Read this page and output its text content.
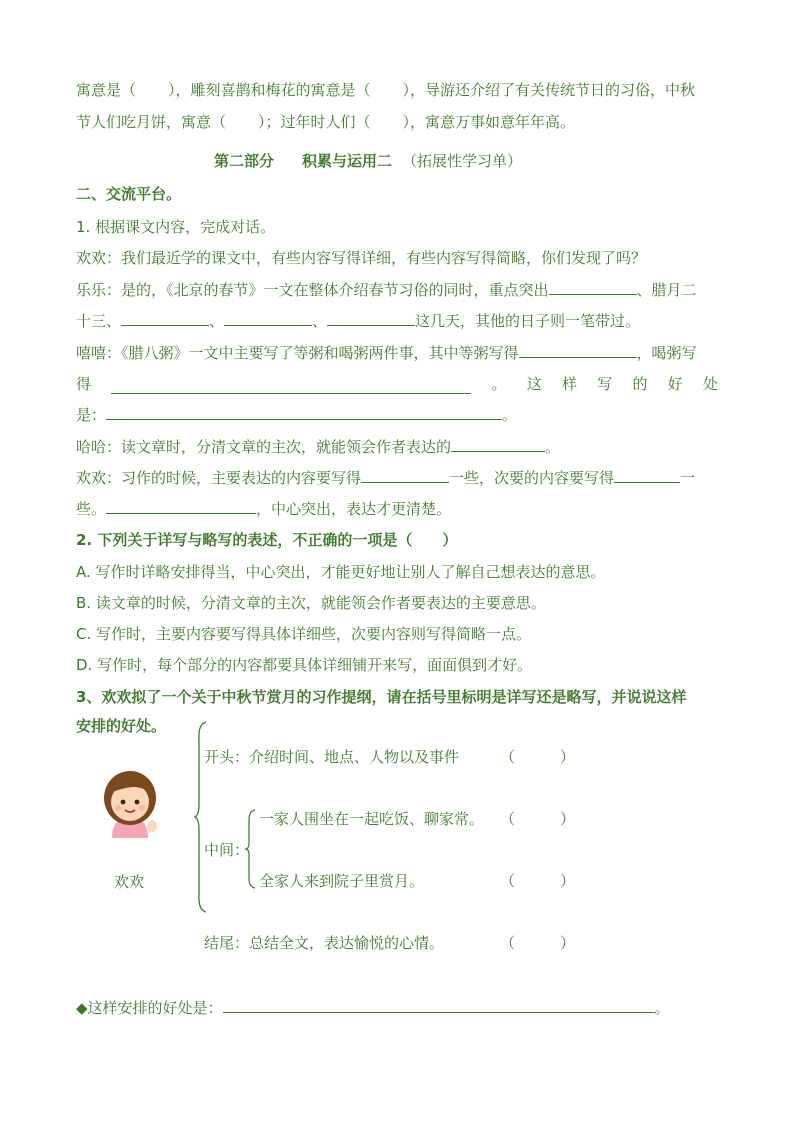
寓意是（ ），雕刻喜鹊和梅花的寓意是（ ），导游还介绍了有关传统节日的习俗，中秋
节人们吃月饼，寓意（ ）；过年时人们（ ），寓意万事如意年年高。
第二部分 积累与运用二 （拓展性学习单）
二、交流平台。
1. 根据课文内容，完成对话。
欢欢：我们最近学的课文中，有些内容写得详细，有些内容写得简略，你们发现了吗？
乐乐：是的，《北京的春节》一文在整体介绍春节习俗的同时，重点突出	、腊月二
十三、	、	、	这几天，其他的日子则一笔带过。
嘻嘻：《腊八粥》一文中主要写了等粥和喝粥两件事，其中等粥写得	，喝粥写
得	。 这 样 写 的 好 处
是：	。
哈哈：读文章时，分清文章的主次，就能领会作者表达的	。
欢欢：习作的时候，主要表达的内容要写得	一些，次要的内容要写得	一
些。	，中心突出，表达才更清楚。
2. 下列关于详写与略写的表述，不正确的一项是（　　）
A. 写作时详略安排得当，中心突出，才能更好地让别人了解自己想表达的意思。
B. 读文章的时候，分清文章的主次，就能领会作者要表达的主要意思。
C. 写作时，主要内容要写得具体详细些，次要内容则写得简略一点。
D. 写作时，每个部分的内容都要具体详细铺开来写，面面俱到才好。
3、欢欢拟了一个关于中秋节赏月的习作提纲，请在括号里标明是详写还是略写，并说说这样
安排的好处。
欢欢
开头：介绍时间、地点、人物以及事件	（　　　）
一家人围坐在一起吃饭、聊家常。 （　　　）
中间：
全家人来到院子里赏月。	（　　　）
结尾：总结全文，表达愉悦的心情。	（　　　）
◆这样安排的好处是：	。
